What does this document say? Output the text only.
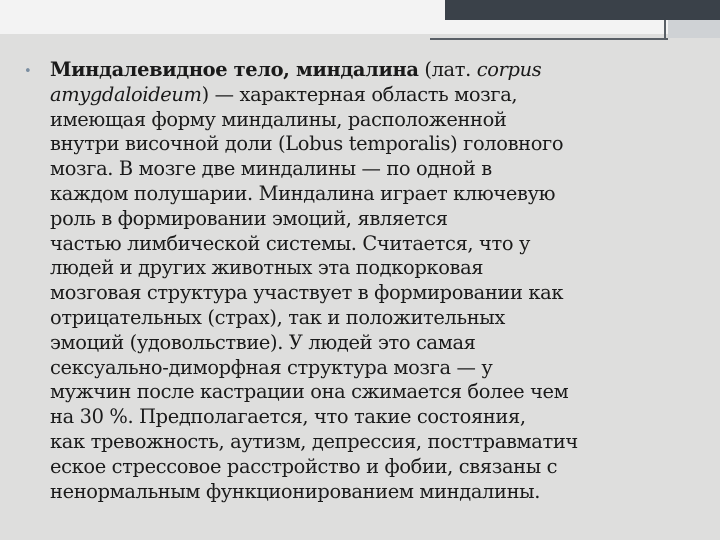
• Миндалевидное тело, миндалина (лат. corpus
amygdaloideum) — характерная область мозга,
имеющая форму миндалины, расположенной
внутри височной доли (Lobus temporalis) головного
мозга. В мозге две миндалины — по одной в
каждом полушарии. Миндалина играет ключевую
роль в формировании эмоций, является
частью лимбической системы. Считается, что у
людей и других животных эта подкорковая
мозговая структура участвует в формировании как
отрицательных (страх), так и положительных
эмоций (удовольствие). У людей это самая
сексуально-диморфная структура мозга — у
мужчин после кастрации она сжимается более чем
на 30 %. Предполагается, что такие состояния,
как тревожность, аутизм, депрессия, посттравматич
еское стрессовое расстройство и фобии, связаны с
ненормальным функционированием миндалины.
